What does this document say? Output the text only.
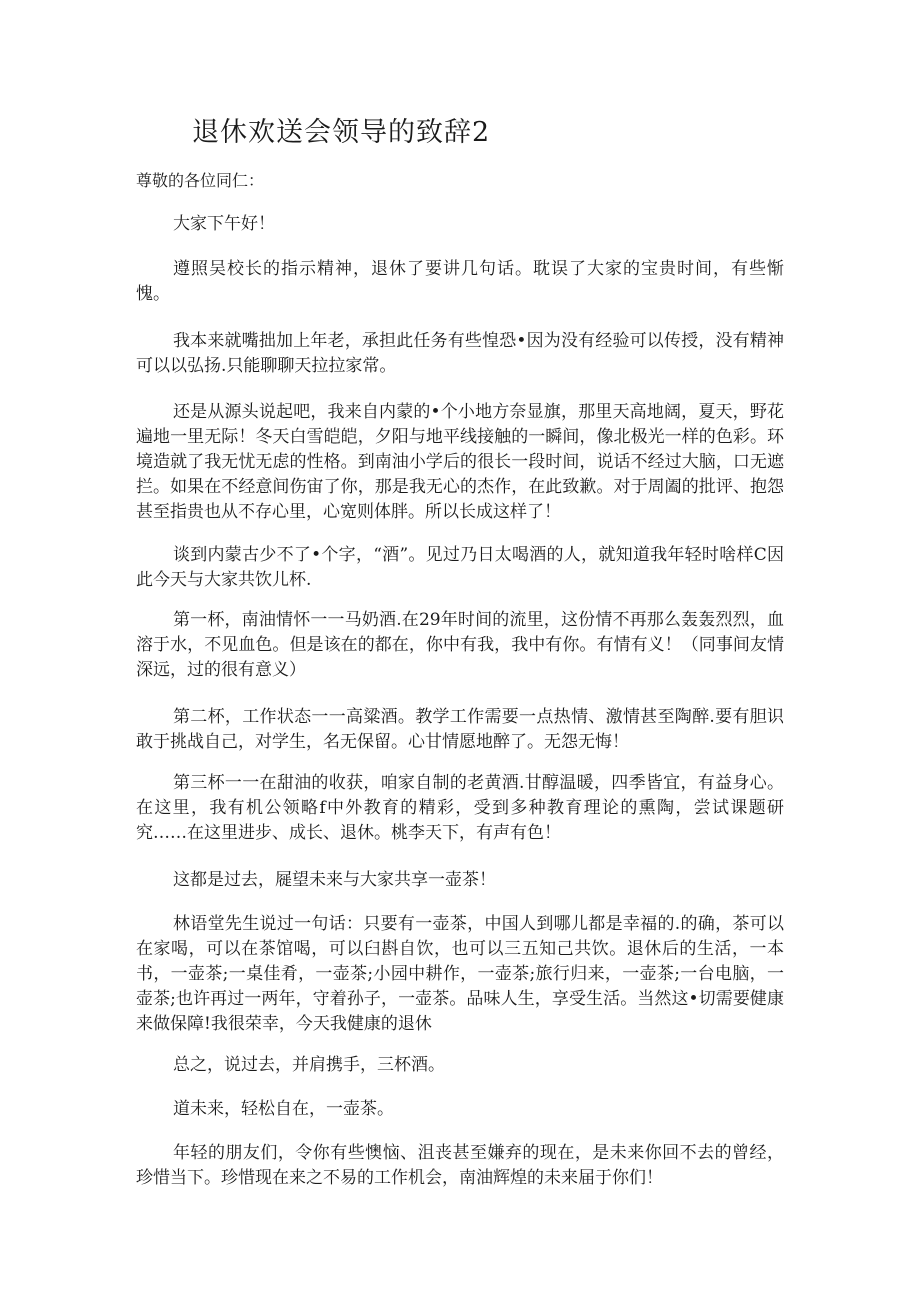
退休欢送会领导的致辞2

尊敬的各位同仁：

大家下午好！

遵照吴校长的指示精神，退休了要讲几句话。耽误了大家的宝贵时间，有些惭愧。

我本来就嘴拙加上年老，承担此任务有些惶恐•因为没有经验可以传授，没有精神可以以弘扬.只能聊聊天拉拉家常。

还是从源头说起吧，我来自内蒙的•个小地方奈显旗，那里天高地阔，夏天，野花遍地一里无际！冬天白雪皑皑，夕阳与地平线接触的一瞬间，像北极光一样的色彩。环境造就了我无忧无虑的性格。到南油小学后的很长一段时间，说话不经过大脑，口无遮拦。如果在不经意间伤宙了你，那是我无心的杰作，在此致歉。对于周阖的批评、抱怨甚至指贵也从不存心里，心宽则体胖。所以长成这样了！

谈到内蒙古少不了•个字，“酒”。见过乃日太喝酒的人，就知道我年轻时啥样C因此今天与大家共饮儿杯.

第一杯，南油情怀一一马奶酒.在29年时间的流里，这份情不再那么轰轰烈烈，血溶于水，不见血色。但是该在的都在，你中有我，我中有你。有情有义！（同事间友情深远，过的很有意义）

第二杯，工作状态一一高粱酒。教学工作需要一点热情、激情甚至陶醉.要有胆识敢于挑战自己，对学生，名无保留。心甘情愿地醉了。无怨无悔！

第三杯一一在甜油的收获，咱家自制的老黄酒.甘醇温暖，四季皆宜，有益身心。在这里，我有机公领略f中外教育的精彩，受到多种教育理论的熏陶，尝试课题研究……在这里进步、成长、退休。桃李天下，有声有色！

这都是过去，屣望未来与大家共享一壶茶！

林语堂先生说过一句话：只要有一壶茶，中国人到哪儿都是幸福的.的确，茶可以在家喝，可以在茶馆喝，可以臼斟自饮，也可以三五知己共饮。退休后的生活，一本书，一壶茶;一桌佳肴，一壶茶;小园中耕作，一壶茶;旅行归来，一壶茶;一台电脑，一壶茶;也许再过一两年，守着孙子，一壶茶。品味人生，享受生活。当然这•切需要健康来做保障!我很荣幸，今天我健康的退休

总之，说过去，并肩携手，三杯酒。

道未来，轻松自在，一壶茶。

年轻的朋友们，令你有些懊恼、沮丧甚至嫌弃的现在，是未来你回不去的曾经，珍惜当下。珍惜现在来之不易的工作机会，南油辉煌的未来届于你们！
